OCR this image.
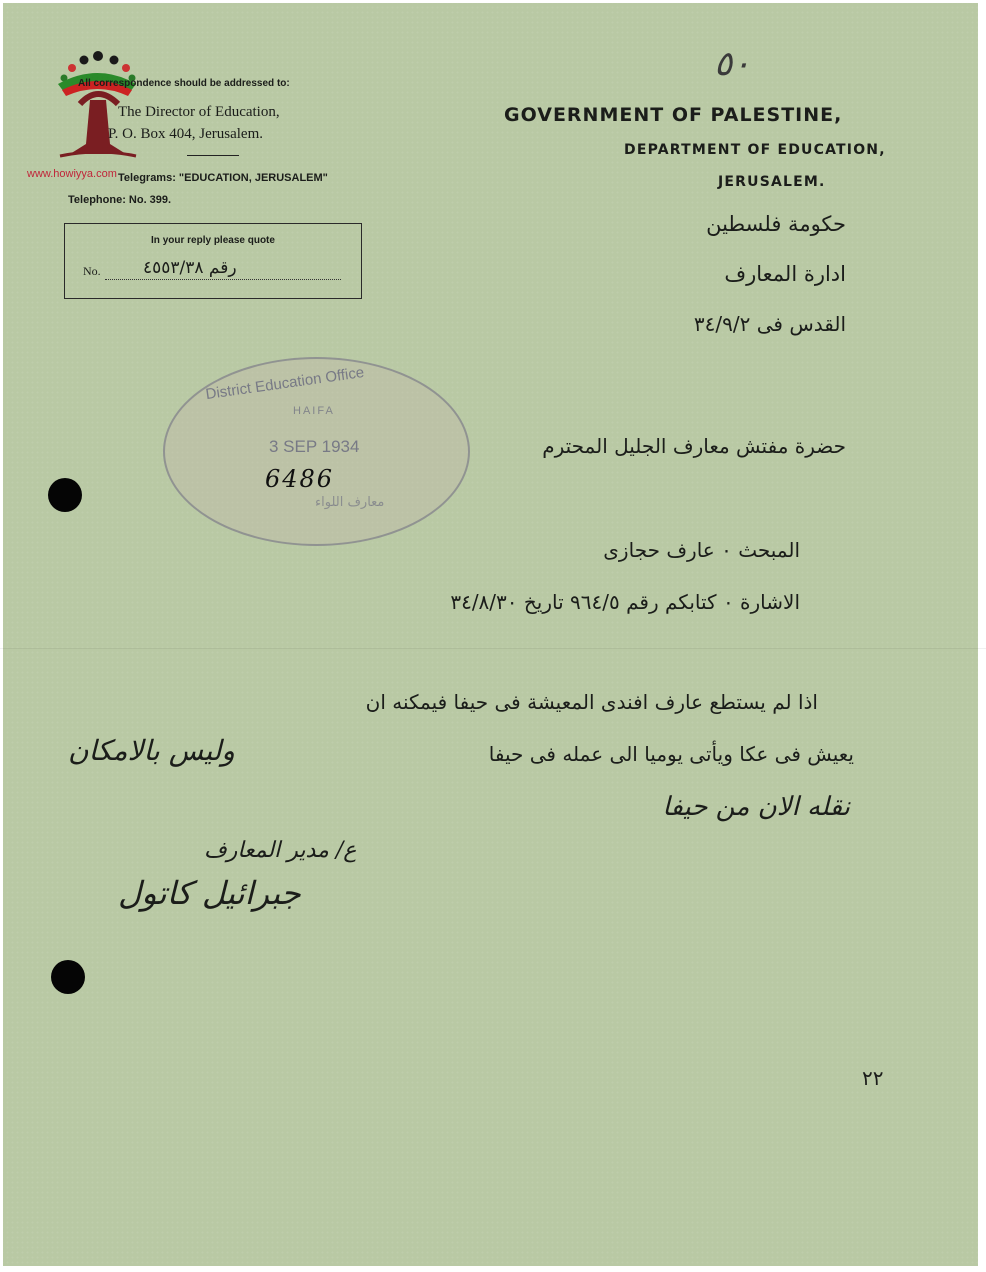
All correspondence should be addressed to:
The Director of Education,
P. O. Box 404, Jerusalem.
www.howiyya.com Telegrams: "EDUCATION, JERUSALEM"
Telephone: No. 399.
In your reply please quote
No. رقم ٤٥٥٣/٣٨
٥٠
GOVERNMENT OF PALESTINE,
DEPARTMENT OF EDUCATION,
JERUSALEM.
حكومة فلسطين
ادارة المعارف
القدس فى ٣٤/٩/٢
District Education Office
HAIFA
3 SEP 1934
6486
معارف اللواء
حضرة مفتش معارف الجليل المحترم
المبحث ٠ عارف حجازى
الاشارة ٠ كتابكم رقم ٩٦٤/٥ تاريخ ٣٤/٨/٣٠
اذا لم يستطع عارف افندى المعيشة فى حيفا فيمكنه ان
يعيش فى عكا ويأتى يوميا الى عمله فى حيفا
وليس بالامكان
نقله الان من حيفا
ع/ مدير المعارف
جبرائيل كاتول
٢٢
